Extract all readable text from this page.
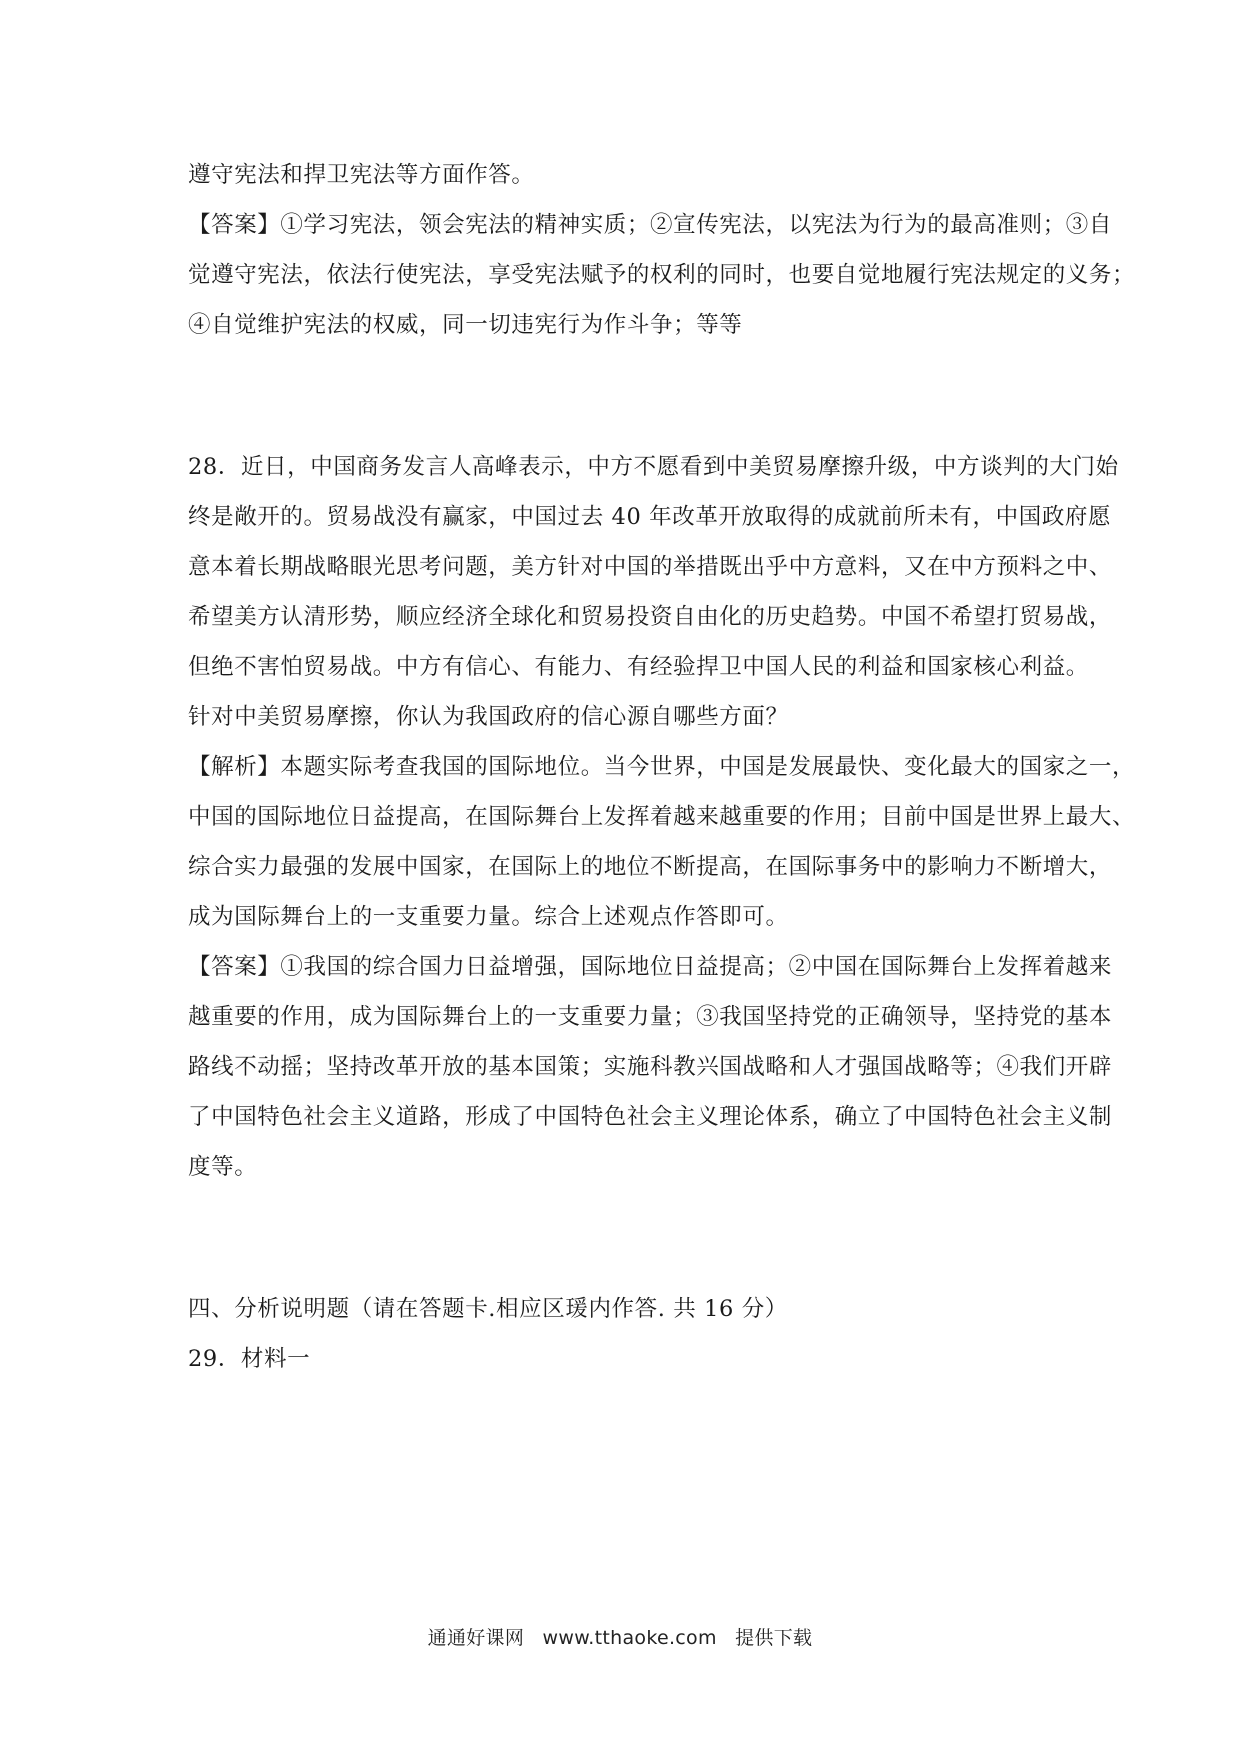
遵守宪法和捍卫宪法等方面作答。
【答案】①学习宪法，领会宪法的精神实质；②宣传宪法，以宪法为行为的最高准则；③自
觉遵守宪法，依法行使宪法，享受宪法赋予的权利的同时，也要自觉地履行宪法规定的义务；
④自觉维护宪法的权威，同一切违宪行为作斗争；等等
28．近日，中国商务发言人高峰表示，中方不愿看到中美贸易摩擦升级，中方谈判的大门始
终是敞开的。贸易战没有赢家，中国过去 40 年改革开放取得的成就前所未有，中国政府愿
意本着长期战略眼光思考问题，美方针对中国的举措既出乎中方意料，又在中方预料之中、
希望美方认清形势，顺应经济全球化和贸易投资自由化的历史趋势。中国不希望打贸易战，
但绝不害怕贸易战。中方有信心、有能力、有经验捍卫中国人民的利益和国家核心利益。
针对中美贸易摩擦，你认为我国政府的信心源自哪些方面？
【解析】本题实际考查我国的国际地位。当今世界，中国是发展最快、变化最大的国家之一，
中国的国际地位日益提高，在国际舞台上发挥着越来越重要的作用；目前中国是世界上最大、
综合实力最强的发展中国家，在国际上的地位不断提高，在国际事务中的影响力不断增大，
成为国际舞台上的一支重要力量。综合上述观点作答即可。
【答案】①我国的综合国力日益增强，国际地位日益提高；②中国在国际舞台上发挥着越来
越重要的作用，成为国际舞台上的一支重要力量；③我国坚持党的正确领导，坚持党的基本
路线不动摇；坚持改革开放的基本国策；实施科教兴国战略和人才强国战略等；④我们开辟
了中国特色社会主义道路，形成了中国特色社会主义理论体系，确立了中国特色社会主义制
度等。
四、分析说明题（请在答题卡.相应区瑗内作答. 共 16 分）
29．材料一
通通好课网 www.tthaoke.com 提供下载
